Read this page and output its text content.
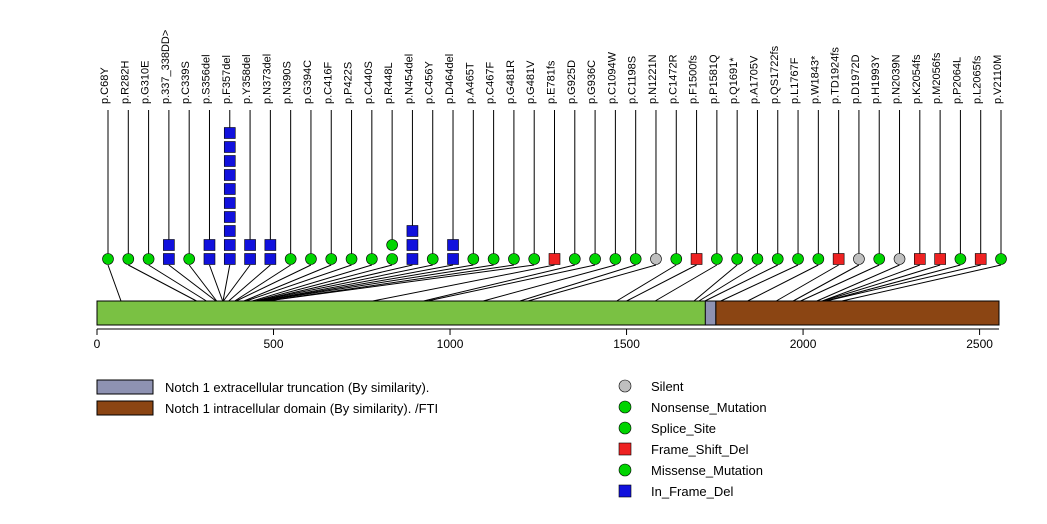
p.C68Y p.R282H p.G310E p.337_338DD> p.C339S p.S356del p.F357del p.Y358del p.N373del p.N390S p.G394C p.C416F p.P422S p.C440S p.R448L p.N454del p.C456Y p.D464del p.A465T p.C467F p.G481R p.G481V p.E781fs p.G925D p.G936C p.C1094W p.C1198S p.N1221N p.C1472R p.F1500fs p.P1581Q p.Q1691* p.A1705V p.QS1722fs p.L1767F p.W1843* p.TD1924fs p.D1972D p.H1993Y p.N2039N p.K2054fs p.M2056fs p.P2064L p.L2065fs p.V2110M
0	500	1000	1500	2000	2500
Notch 1 extracellular truncation (By similarity).
Notch 1 intracellular domain (By similarity). /FTI
Silent
Nonsense_Mutation
Splice_Site
Frame_Shift_Del
Missense_Mutation
In_Frame_Del
